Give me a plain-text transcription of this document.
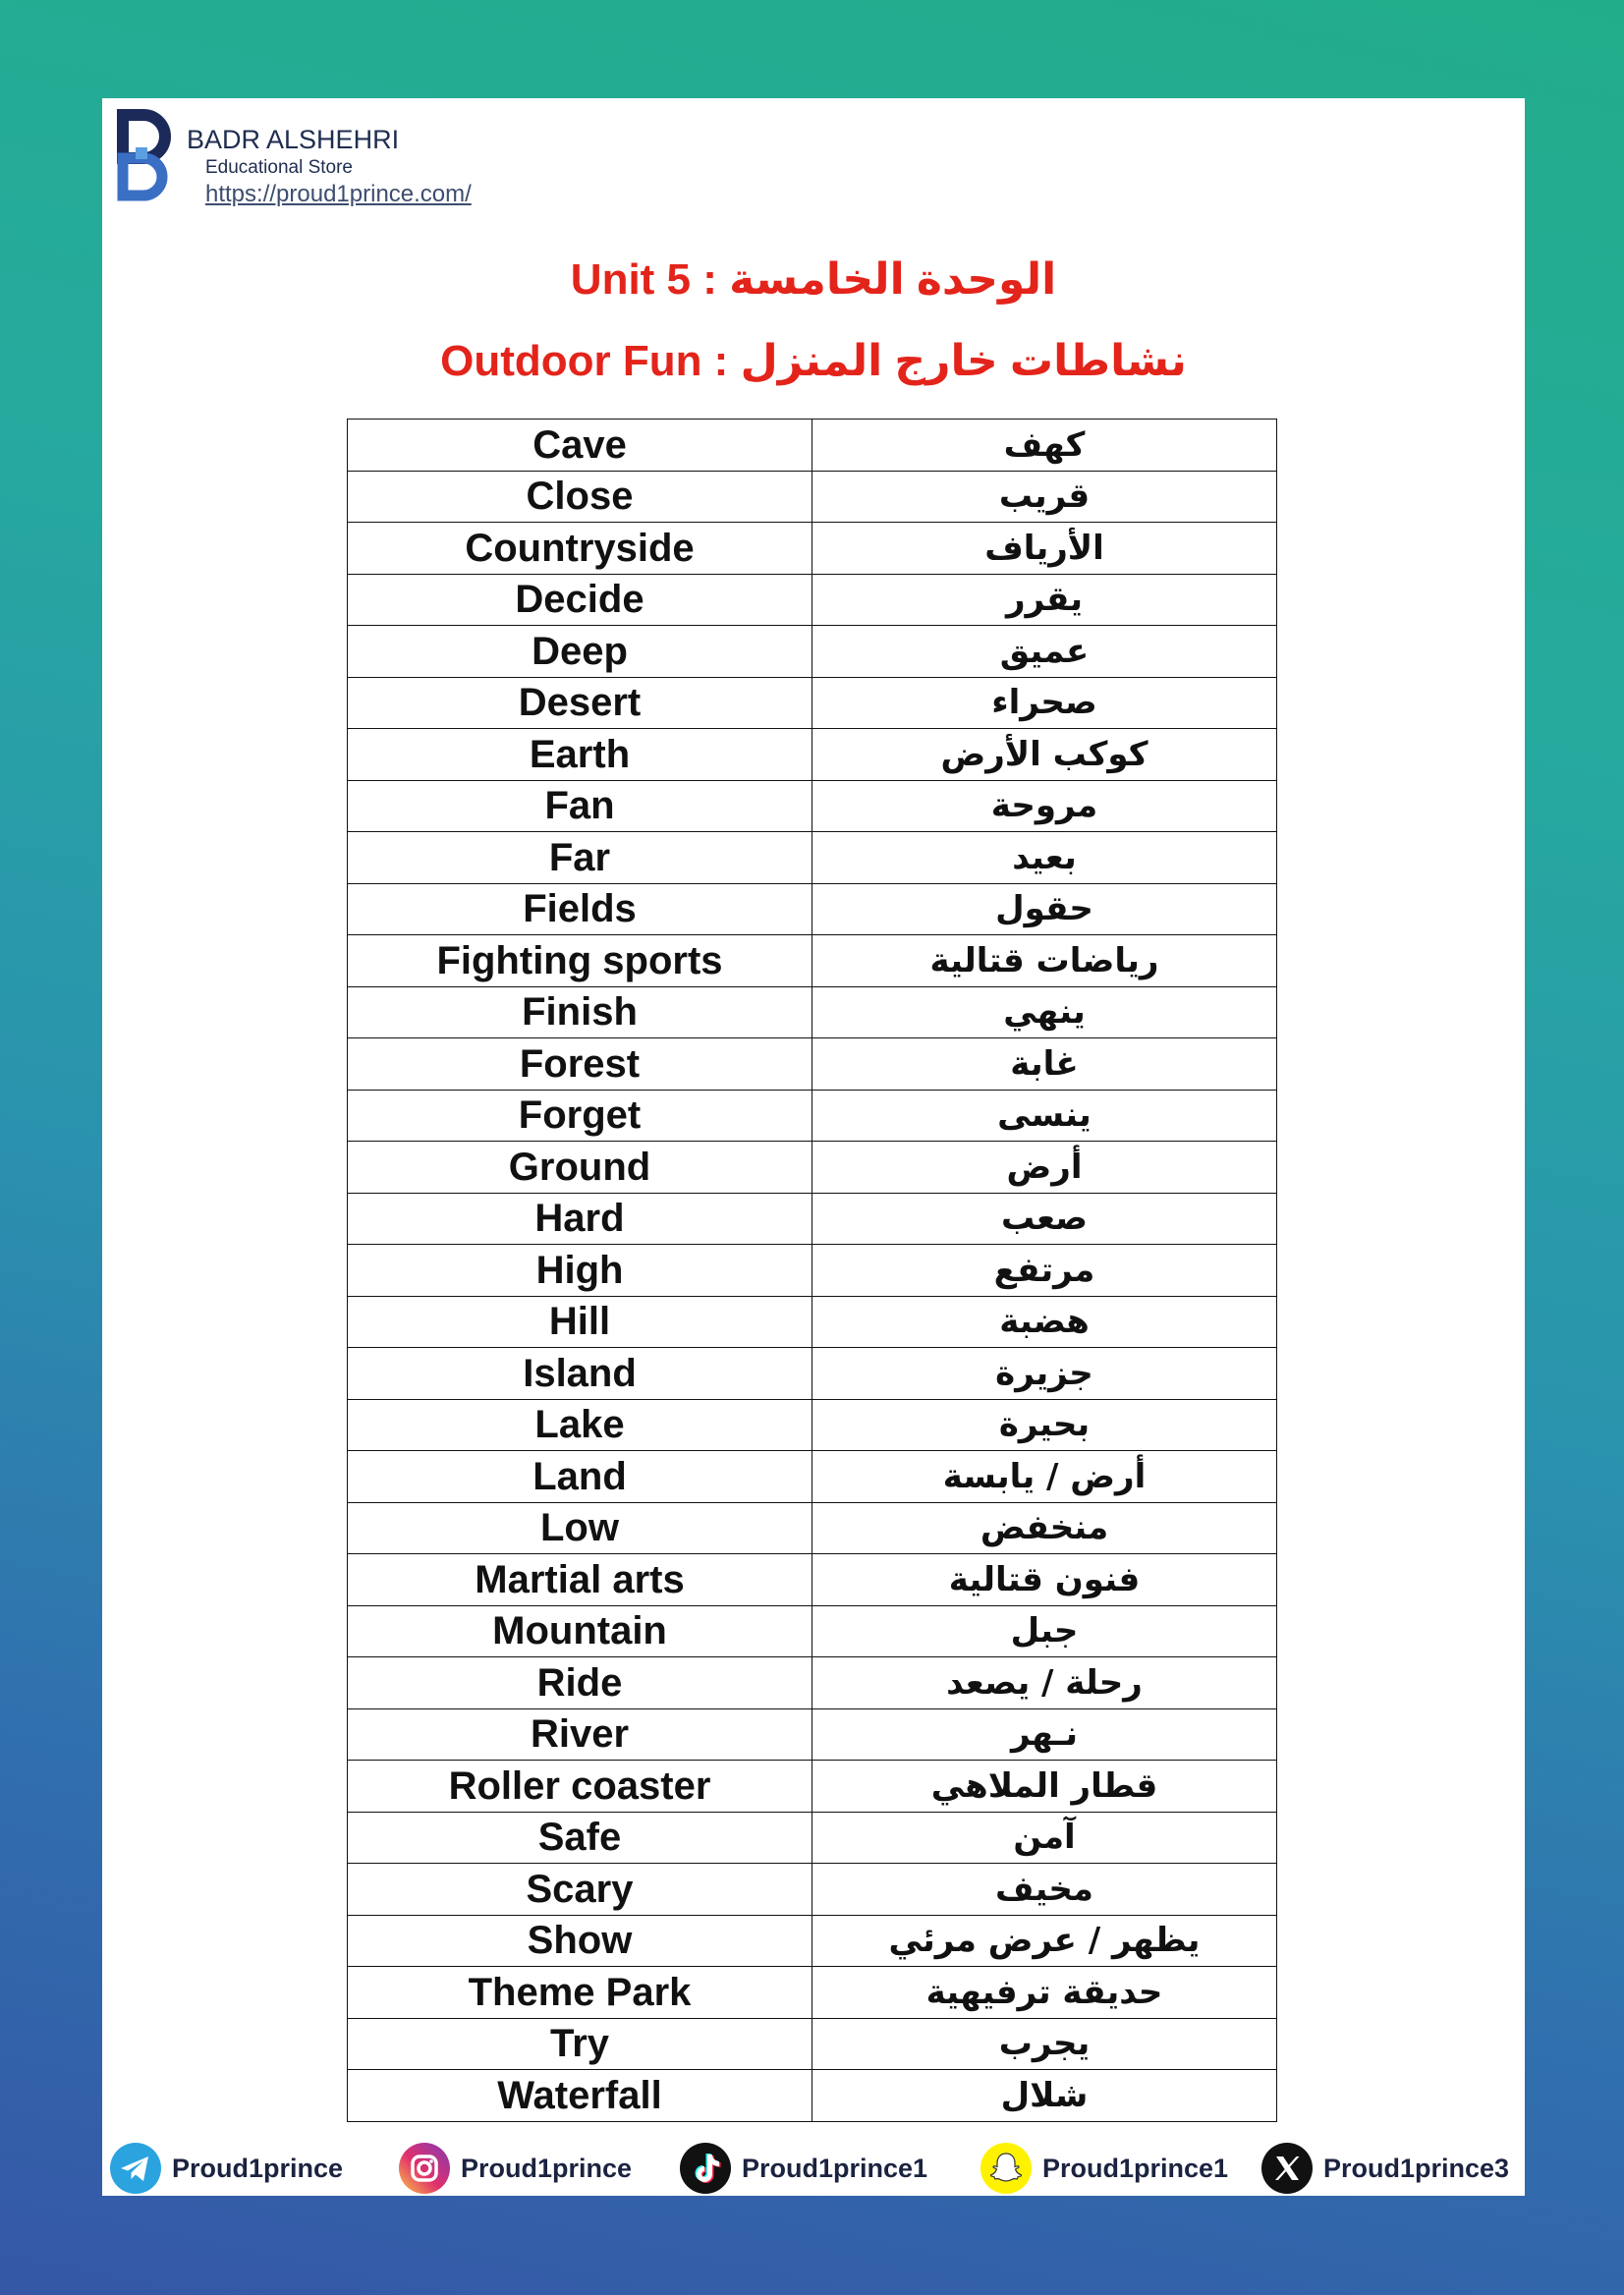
BADR ALSHEHRI
Educational Store
https://proud1prince.com/
Unit 5 : الوحدة الخامسة
Outdoor Fun : نشاطات خارج المنزل
Cave	كهف
Close	قريب
Countryside	الأرياف
Decide	يقرر
Deep	عميق
Desert	صحراء
Earth	كوكب الأرض
Fan	مروحة
Far	بعيد
Fields	حقول
Fighting sports	رياضات قتالية
Finish	ينهي
Forest	غابة
Forget	ينسى
Ground	أرض
Hard	صعب
High	مرتفع
Hill	هضبة
Island	جزيرة
Lake	بحيرة
Land	أرض / يابسة
Low	منخفض
Martial arts	فنون قتالية
Mountain	جبل
Ride	رحلة / يصعد
River	نـهر
Roller coaster	قطار الملاهي
Safe	آمن
Scary	مخيف
Show	يظهر / عرض مرئي
Theme Park	حديقة ترفيهية
Try	يجرب
Waterfall	شلال
Proud1prince	Proud1prince	Proud1prince1	Proud1prince1	Proud1prince3
